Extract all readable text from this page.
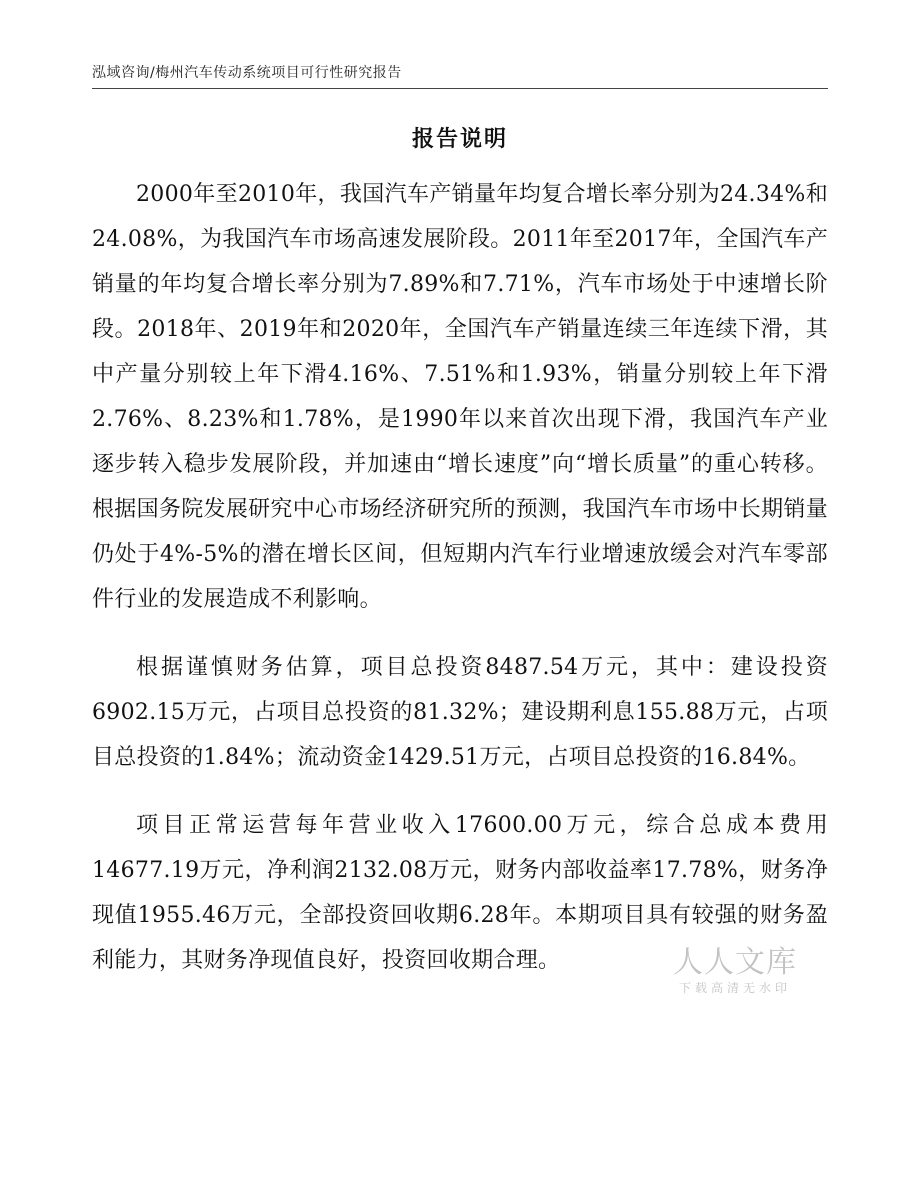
泓域咨询/梅州汽车传动系统项目可行性研究报告
报告说明

2000年至2010年，我国汽车产销量年均复合增长率分别为24.34%和24.08%，为我国汽车市场高速发展阶段。2011年至2017年，全国汽车产销量的年均复合增长率分别为7.89%和7.71%，汽车市场处于中速增长阶段。2018年、2019年和2020年，全国汽车产销量连续三年连续下滑，其中产量分别较上年下滑4.16%、7.51%和1.93%，销量分别较上年下滑2.76%、8.23%和1.78%，是1990年以来首次出现下滑，我国汽车产业逐步转入稳步发展阶段，并加速由“增长速度”向“增长质量”的重心转移。根据国务院发展研究中心市场经济研究所的预测，我国汽车市场中长期销量仍处于4%-5%的潜在增长区间，但短期内汽车行业增速放缓会对汽车零部件行业的发展造成不利影响。

根据谨慎财务估算，项目总投资8487.54万元，其中：建设投资6902.15万元，占项目总投资的81.32%；建设期利息155.88万元，占项目总投资的1.84%；流动资金1429.51万元，占项目总投资的16.84%。

项目正常运营每年营业收入17600.00万元，综合总成本费用14677.19万元，净利润2132.08万元，财务内部收益率17.78%，财务净现值1955.46万元，全部投资回收期6.28年。本期项目具有较强的财务盈利能力，其财务净现值良好，投资回收期合理。	人人文库
下载高清无水印
